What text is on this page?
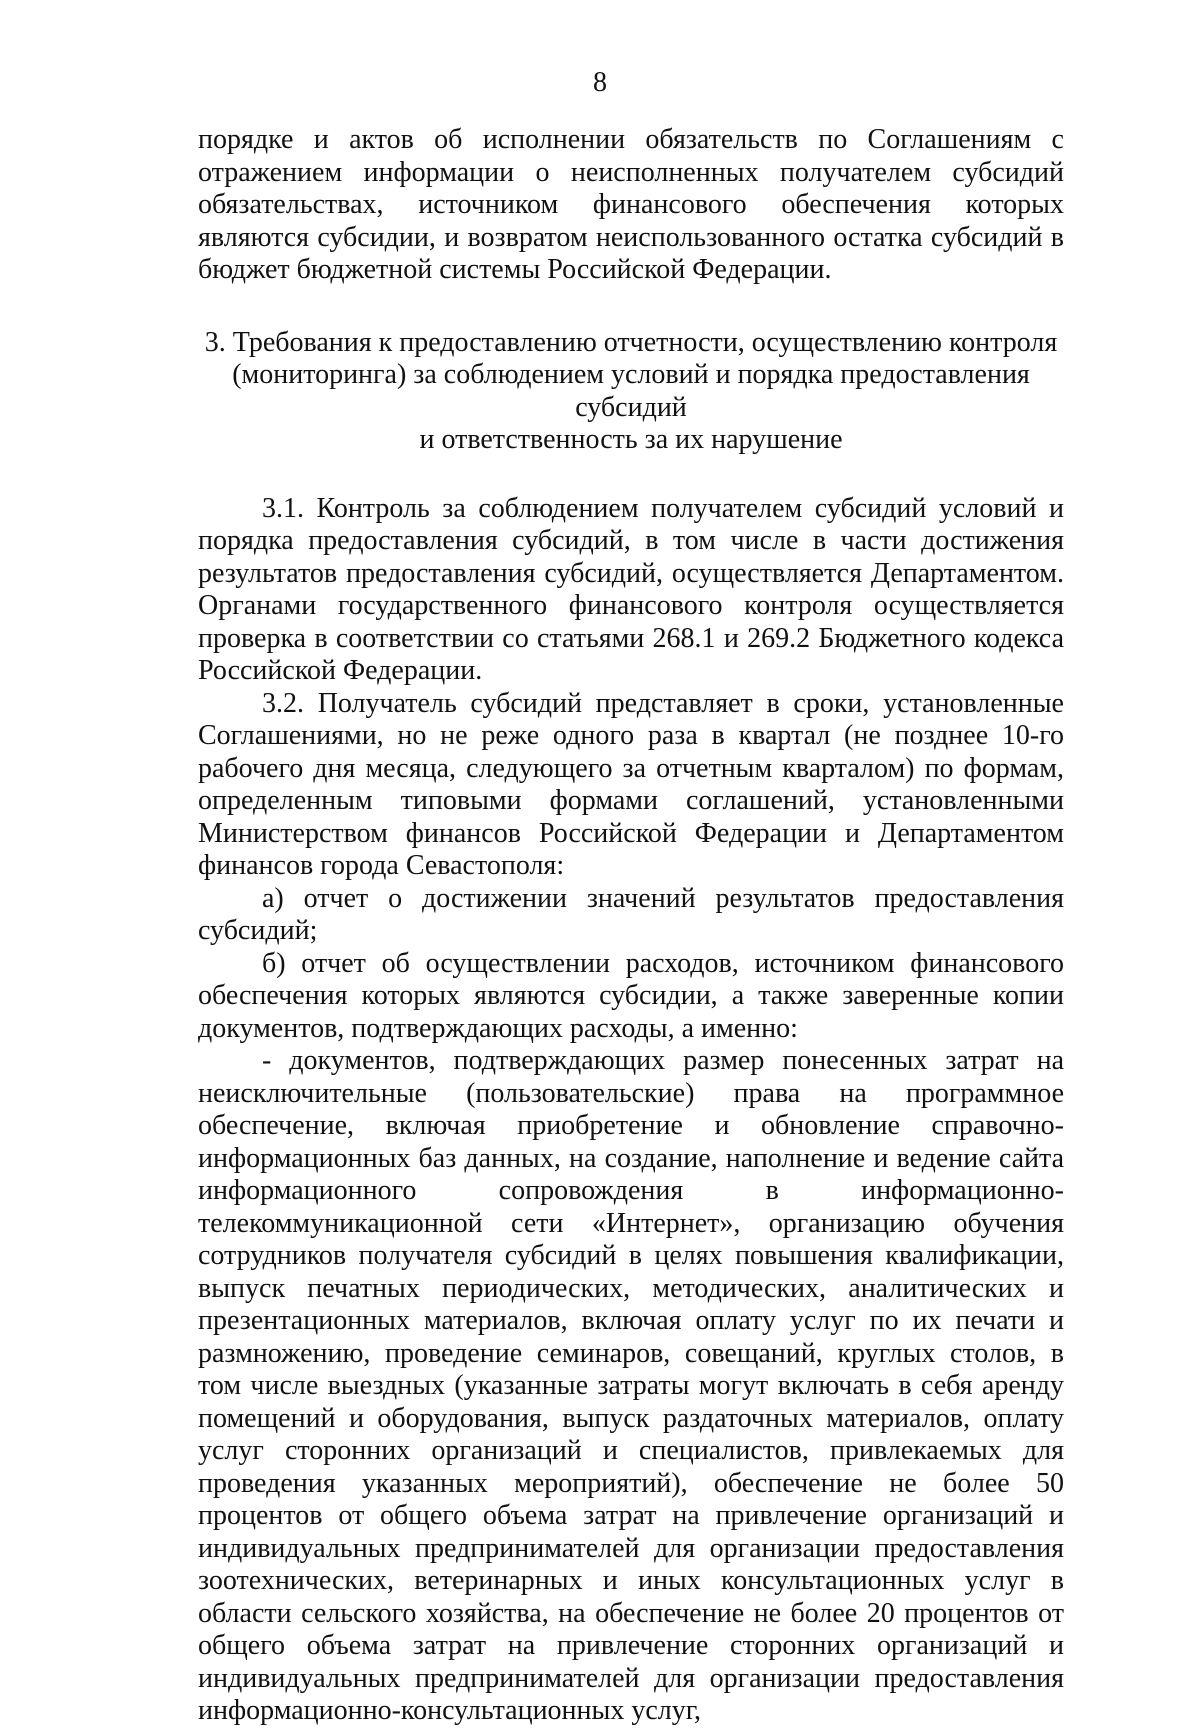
8

порядке и актов об исполнении обязательств по Соглашениям с отражением информации о неисполненных получателем субсидий обязательствах, источником финансового обеспечения которых являются субсидии, и возвратом неиспользованного остатка субсидий в бюджет бюджетной системы Российской Федерации.

3. Требования к предоставлению отчетности, осуществлению контроля

(мониторинга) за соблюдением условий и порядка предоставления субсидий

и ответственность за их нарушение

3.1. Контроль за соблюдением получателем субсидий условий и порядка предоставления субсидий, в том числе в части достижения результатов предоставления субсидий, осуществляется Департаментом. Органами государственного финансового контроля осуществляется проверка в соответствии со статьями 268.1 и 269.2 Бюджетного кодекса Российской Федерации.

3.2. Получатель субсидий представляет в сроки, установленные Соглашениями, но не реже одного раза в квартал (не позднее 10-го рабочего дня месяца, следующего за отчетным кварталом) по формам, определенным типовыми формами соглашений, установленными Министерством финансов Российской Федерации и Департаментом финансов города Севастополя:

а) отчет о достижении значений результатов предоставления субсидий;

б) отчет об осуществлении расходов, источником финансового обеспечения которых являются субсидии, а также заверенные копии документов, подтверждающих расходы, а именно:

- документов, подтверждающих размер понесенных затрат на неисключительные (пользовательские) права на программное обеспечение, включая приобретение и обновление справочно-информационных баз данных, на создание, наполнение и ведение сайта информационного сопровождения в информационно-телекоммуникационной сети «Интернет», организацию обучения сотрудников получателя субсидий в целях повышения квалификации, выпуск печатных периодических, методических, аналитических и презентационных материалов, включая оплату услуг по их печати и размножению, проведение семинаров, совещаний, круглых столов, в том числе выездных (указанные затраты могут включать в себя аренду помещений и оборудования, выпуск раздаточных материалов, оплату услуг сторонних организаций и специалистов, привлекаемых для проведения указанных мероприятий), обеспечение не более 50 процентов от общего объема затрат на привлечение организаций и индивидуальных предпринимателей для организации предоставления зоотехнических, ветеринарных и иных консультационных услуг в области сельского хозяйства, на обеспечение не более 20 процентов от общего объема затрат на привлечение сторонних организаций и индивидуальных предпринимателей для организации предоставления информационно-консультационных услуг,
